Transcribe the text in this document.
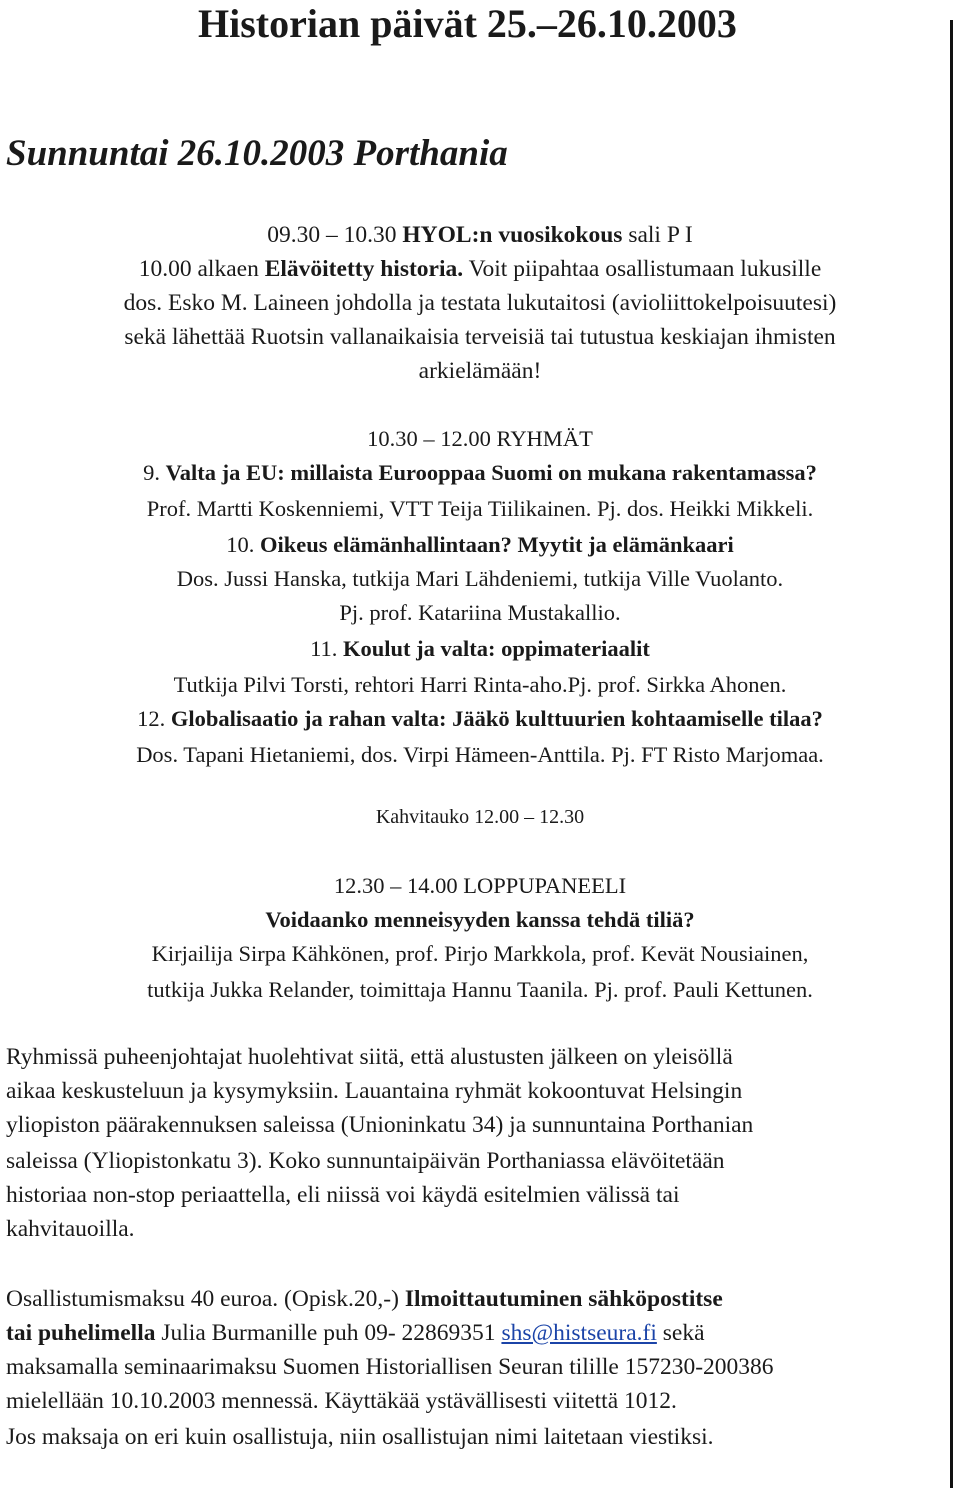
Historian päivät 25.–26.10.2003
Sunnuntai 26.10.2003 Porthania
09.30 – 10.30 HYOL:n vuosikokous sali P I
10.00 alkaen Elävöitetty historia. Voit piipahtaa osallistumaan lukusille
dos. Esko M. Laineen johdolla ja testata lukutaitosi (avioliittokelpoisuutesi)
sekä lähettää Ruotsin vallanaikaisia terveisiä tai tutustua keskiajan ihmisten
arkielämään!
10.30 – 12.00 RYHMÄT
9. Valta ja EU: millaista Eurooppaa Suomi on mukana rakentamassa?
Prof. Martti Koskenniemi, VTT Teija Tiilikainen. Pj. dos. Heikki Mikkeli.
10. Oikeus elämänhallintaan? Myytit ja elämänkaari
Dos. Jussi Hanska, tutkija Mari Lähdeniemi, tutkija Ville Vuolanto.
Pj. prof. Katariina Mustakallio.
11. Koulut ja valta: oppimateriaalit
Tutkija Pilvi Torsti, rehtori Harri Rinta-aho.Pj. prof. Sirkka Ahonen.
12. Globalisaatio ja rahan valta: Jääkö kulttuurien kohtaamiselle tilaa?
Dos. Tapani Hietaniemi, dos. Virpi Hämeen-Anttila. Pj. FT Risto Marjomaa.
Kahvitauko 12.00 – 12.30
12.30 – 14.00 LOPPUPANEELI
Voidaanko menneisyyden kanssa tehdä tiliä?
Kirjailija Sirpa Kähkönen, prof. Pirjo Markkola, prof. Kevät Nousiainen,
tutkija Jukka Relander, toimittaja Hannu Taanila. Pj. prof. Pauli Kettunen.
Ryhmissä puheenjohtajat huolehtivat siitä, että alustusten jälkeen on yleisöllä
aikaa keskusteluun ja kysymyksiin. Lauantaina ryhmät kokoontuvat Helsingin
yliopiston päärakennuksen saleissa (Unioninkatu 34) ja sunnuntaina Porthanian
saleissa (Yliopistonkatu 3). Koko sunnuntaipäivän Porthaniassa elävöitetään
historiaa non-stop periaattella, eli niissä voi käydä esitelmien välissä tai
kahvitauoilla.
Osallistumismaksu 40 euroa. (Opisk.20,-) Ilmoittautuminen sähköpostitse
tai puhelimella Julia Burmanille puh 09- 22869351 shs@histseura.fi sekä
maksamalla seminaarimaksu Suomen Historiallisen Seuran tilille 157230-200386
mielellään 10.10.2003 mennessä. Käyttäkää ystävällisesti viitettä 1012.
Jos maksaja on eri kuin osallistuja, niin osallistujan nimi laitetaan viestiksi.
